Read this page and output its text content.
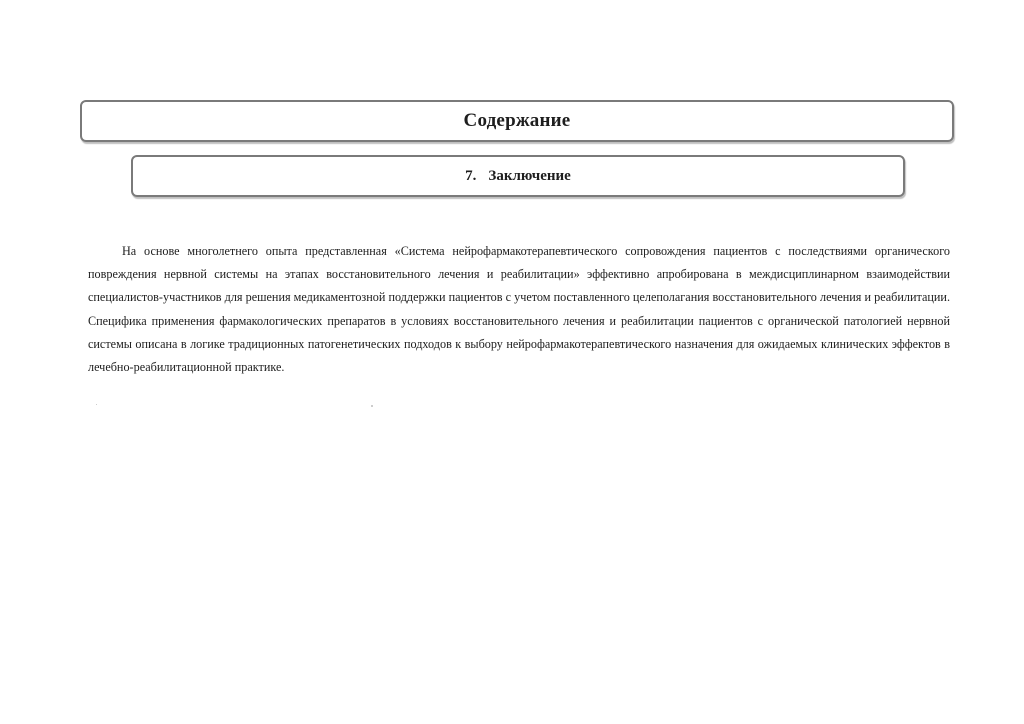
Содержание
7. Заключение

На основе многолетнего опыта представленная «Система нейрофармакотерапевтического сопровождения пациентов с последствиями органического повреждения нервной системы на этапах восстановительного лечения и реабилитации» эффективно апробирована в междисциплинарном взаимодействии специалистов-участников для решения медикаментозной поддержки пациентов с учетом поставленного целеполагания восстановительного лечения и реабилитации. Специфика применения фармакологических препаратов в условиях восстановительного лечения и реабилитации пациентов с органической патологией нервной системы описана в логике традиционных патогенетических подходов к выбору нейрофармакотерапевтического назначения для ожидаемых клинических эффектов в лечебно-реабилитационной практике.
